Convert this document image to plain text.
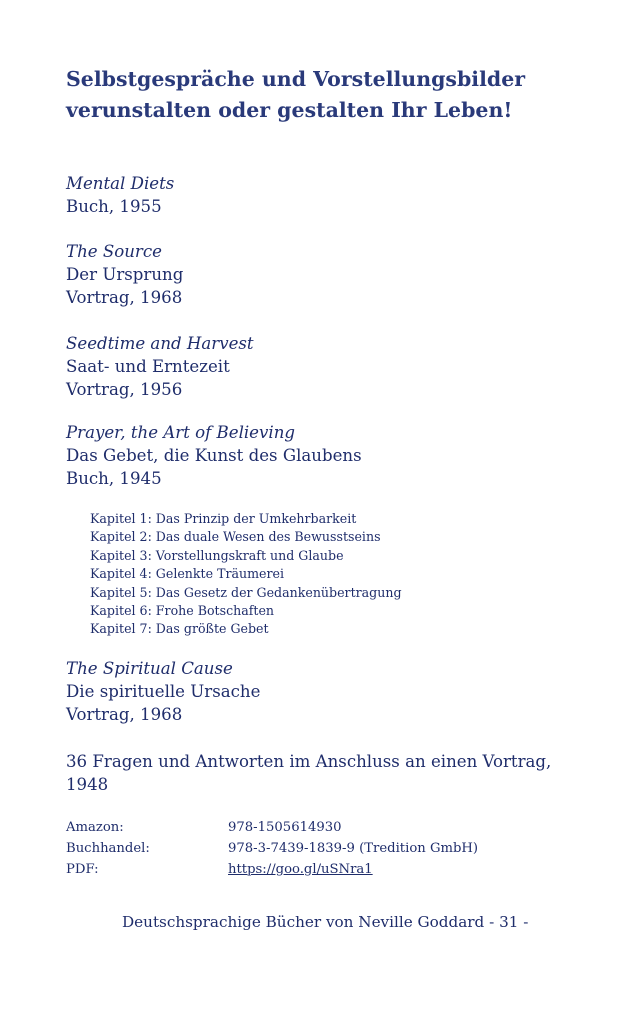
Selbstgespräche und Vorstellungsbilder
verunstalten oder gestalten Ihr Leben!
Mental Diets
Buch, 1955
The Source
Der Ursprung
Vortrag, 1968
Seedtime and Harvest
Saat- und Erntezeit
Vortrag, 1956
Prayer, the Art of Believing
Das Gebet, die Kunst des Glaubens
Buch, 1945
Kapitel 1: Das Prinzip der Umkehrbarkeit
Kapitel 2: Das duale Wesen des Bewusstseins
Kapitel 3: Vorstellungskraft und Glaube
Kapitel 4: Gelenkte Träumerei
Kapitel 5: Das Gesetz der Gedankenübertragung
Kapitel 6: Frohe Botschaften
Kapitel 7: Das größte Gebet
The Spiritual Cause
Die spirituelle Ursache
Vortrag, 1968
36 Fragen und Antworten im Anschluss an einen Vortrag,
1948
Amazon:	978-1505614930
Buchhandel:	978-3-7439-1839-9 (Tredition GmbH)
PDF:	https://goo.gl/uSNra1
Deutschsprachige Bücher von Neville Goddard - 31 -
